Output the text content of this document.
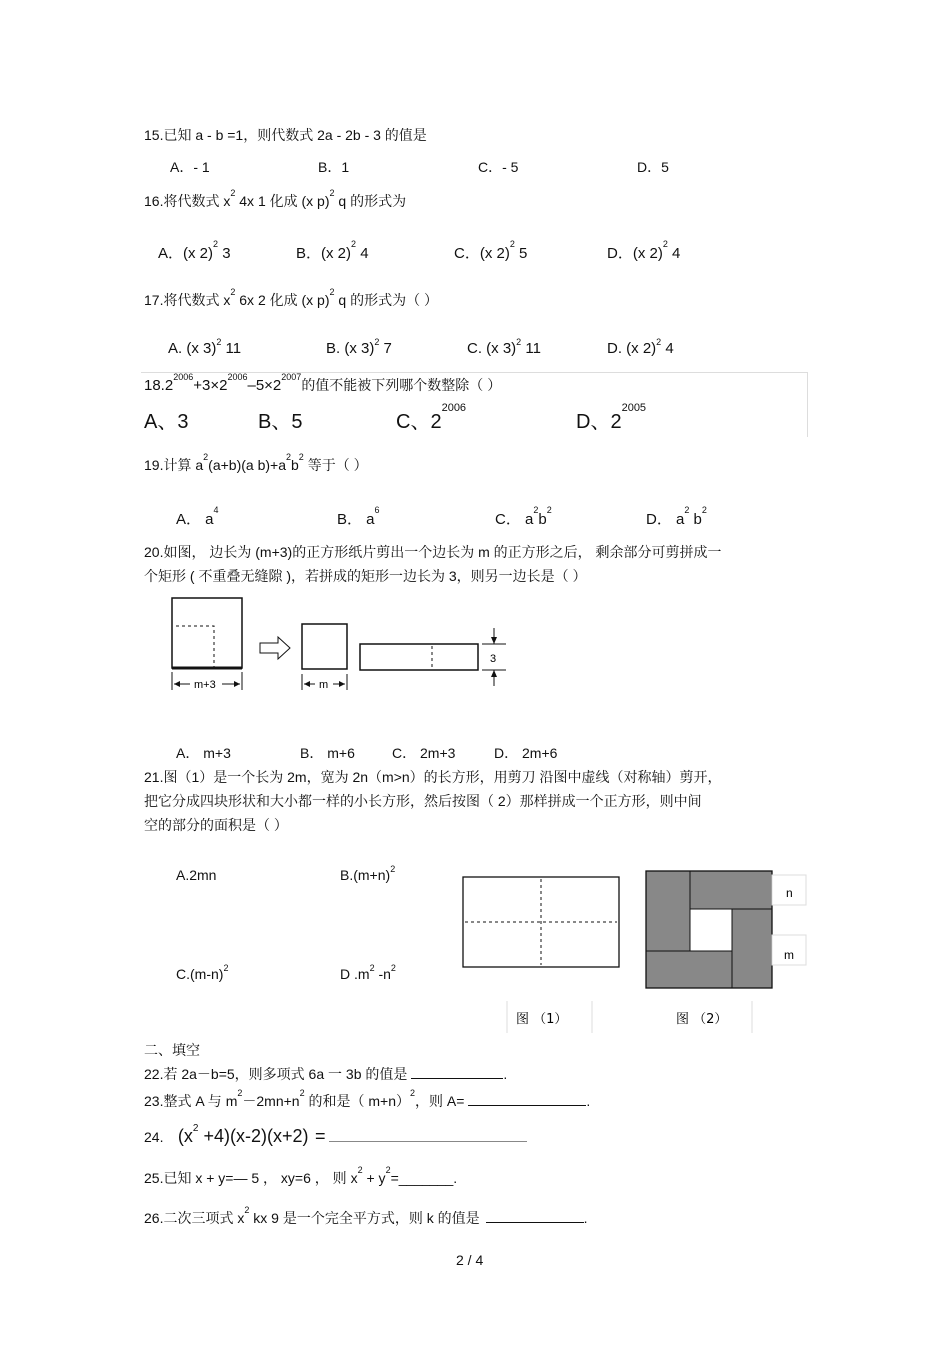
15.已知 a - b =1，则代数式 2a - 2b - 3 的值是
A．- 1	B．1	C．- 5	D．5
16.将代数式 $x^2$ 4x 1 化成 (x p)$^2$ q 的形式为
A．(x 2)$^2$ 3	B．(x 2)$^2$ 4	C．(x 2)$^2$ 5	D．(x 2)$^2$ 4
17.将代数式 $x^2$ 6x 2 化成 (x p)$^2$ q 的形式为（ ）
A. (x 3)$^2$ 11	B. (x 3)$^2$ 7	C. (x 3)$^2$ 11	D. (x 2)$^2$ 4
$18.2^{2006}+3\times 2^{2006}-5\times 2^{2007}$的值不能被下列哪个数整除（ ）
A、3	B、5	C、$2^{2006}$
D、$2^{2005}$
19.计算 $a^2(a+b)(a$ $b)+a^2b^2$ 等于（ ）
A． $a^4$
B． $a^6$
C． $a^2b^2$
D． $a^2$ $b^2$
20.如图， 边长为 (m+3)的正方形纸片剪出一个边长为 m 的正方形之后， 剩余部分可剪拼成一
个矩形 ( 不重叠无缝隙 )，若拼成的矩形一边长为 3，则另一边长是（ ）
m+3	m
3
A． m+3	B． m+6	C． 2m+3	D． 2m+6
21.图（1）是一个长为 2m，宽为 2n（m>n）的长方形，用剪刀 沿图中虚线（对称轴）剪开，
把它分成四块形状和大小都一样的小长方形，然后按图（ 2）那样拼成一个正方形，则中间
空的部分的面积是（ ）
A.2mn	$B.(m+n)^2$
$C.(m-n)^2$	D $.m^2$ $-n^2$
n
m
图 （1）	图 （2）
二、填空
22.若 2a－b=5，则多项式 6a 一 3b 的值是	.
23.整式 A 与 $m^2-2mn+n^2$ 的和是（ m+n）$^2$，则 A=	.
24. $(x^2 +4)(x-2)(x+2)$ =
25.已知 x + y=— 5 ， xy=6 ， 则 $x^2$ + $y^2=\_\_\_\_\_\_\_$.
26.二次三项式 $x^2$ kx 9 是一个完全平方式，则 k 的值是	.
2 / 4
